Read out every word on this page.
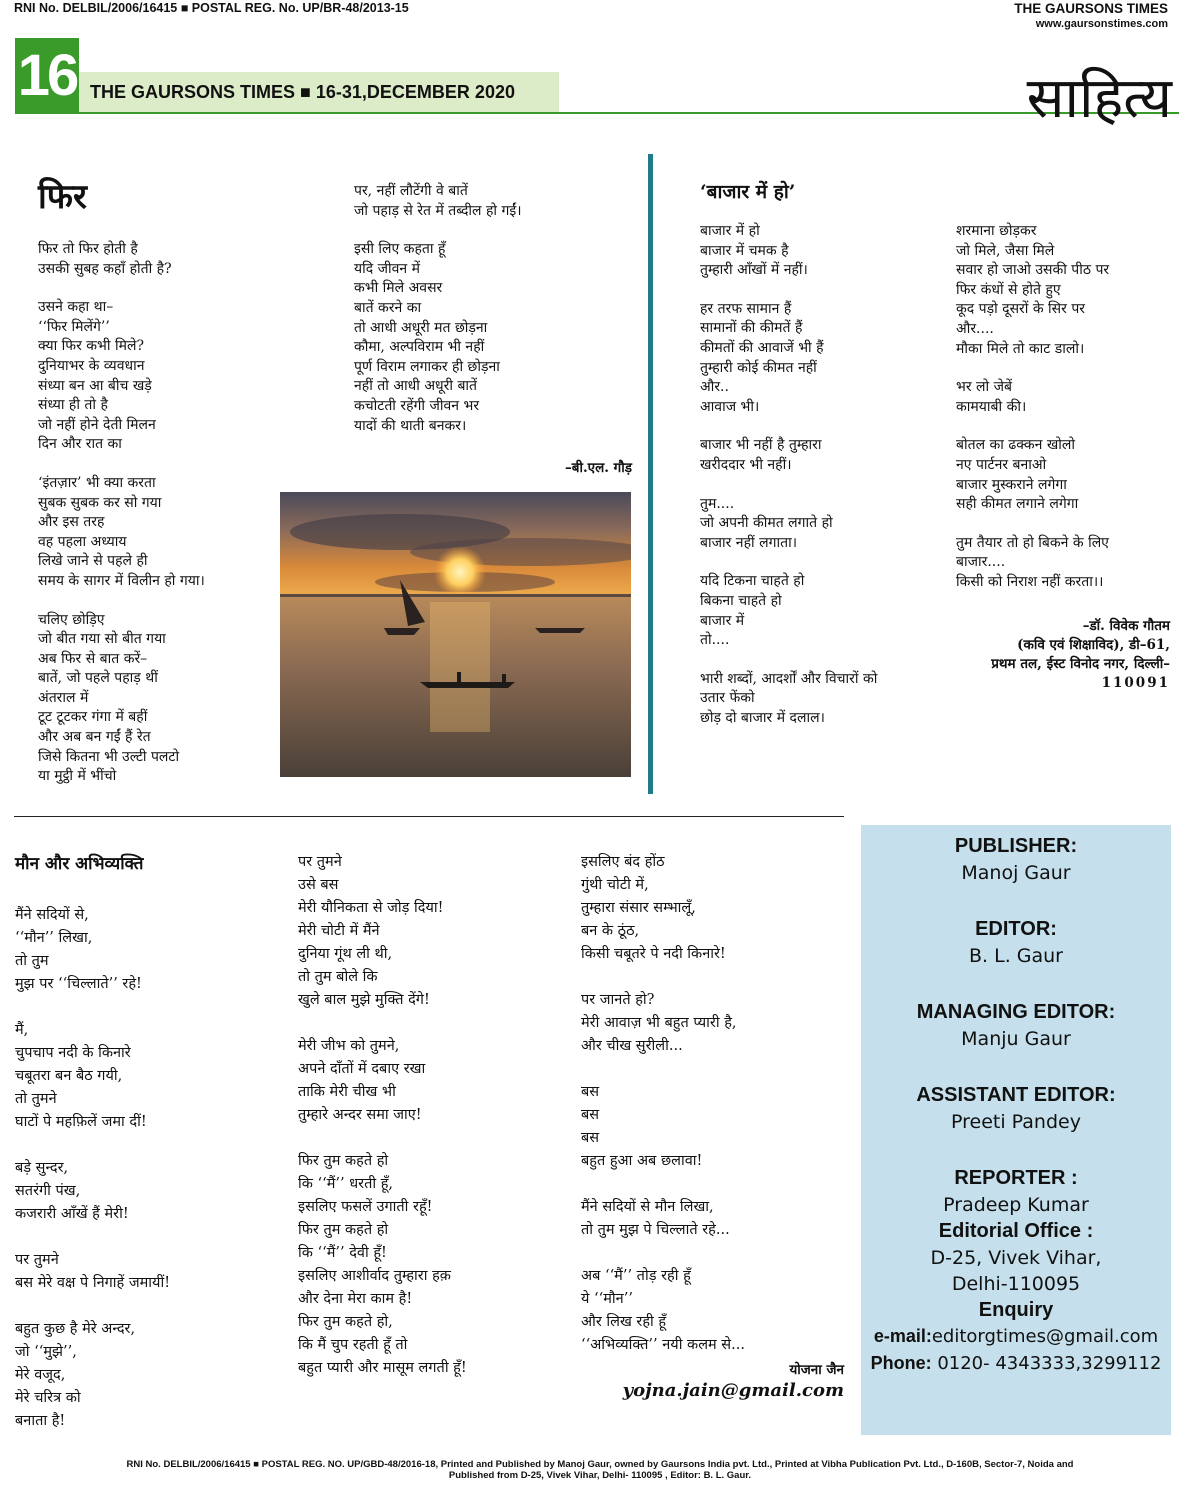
RNI No. DELBIL/2006/16415 ■ POSTAL REG. No. UP/BR-48/2013-15	THE GAURSONS TIMES
www.gaursonstimes.com
16 THE GAURSONS TIMES ■ 16-31,DECEMBER 2020	साहित्य
फिर
फिर तो फिर होती है
उसकी सुबह कहाँ होती है?
उसने कहा था–
‘‘फिर मिलेंगे’’
क्या फिर कभी मिले?
दुनियाभर के व्यवधान
संध्या बन आ बीच खड़े
संध्या ही तो है
जो नहीं होने देती मिलन
दिन और रात का
‘इंतज़ार’ भी क्या करता
सुबक सुबक कर सो गया
और इस तरह
वह पहला अध्याय
लिखे जाने से पहले ही
समय के सागर में विलीन हो गया।
चलिए छोड़िए
जो बीत गया सो बीत गया
अब फिर से बात करें–
बातें, जो पहले पहाड़ थीं
अंतराल में
टूट टूटकर गंगा में बहीं
और अब बन गईं हैं रेत
जिसे कितना भी उल्टी पलटो
या मुट्ठी में भींचो
पर, नहीं लौटेंगी वे बातें
जो पहाड़ से रेत में तब्दील हो गईं।
इसी लिए कहता हूँ
यदि जीवन में
कभी मिले अवसर
बातें करने का
तो आधी अधूरी मत छोड़ना
कौमा, अल्पविराम भी नहीं
पूर्ण विराम लगाकर ही छोड़ना
नहीं तो आधी अधूरी बातें
कचोटती रहेंगी जीवन भर
यादों की थाती बनकर।
–बी.एल. गौड़
‘बाजार में हो’
बाजार में हो
बाजार में चमक है
तुम्हारी आँखों में नहीं।
हर तरफ सामान हैं
सामानों की कीमतें हैं
कीमतों की आवाजें भी हैं
तुम्हारी कोई कीमत नहीं
और..
आवाज भी।
बाजार भी नहीं है तुम्हारा
खरीददार भी नहीं।
तुम....
जो अपनी कीमत लगाते हो
बाजार नहीं लगाता।
यदि टिकना चाहते हो
बिकना चाहते हो
बाजार में
तो....
भारी शब्दों, आदर्शों और विचारों को
उतार फेंको
छोड़ दो बाजार में दलाल।
शरमाना छोड़कर
जो मिले, जैसा मिले
सवार हो जाओ उसकी पीठ पर
फिर कंधों से होते हुए
कूद पड़ो दूसरों के सिर पर
और....
मौका मिले तो काट डालो।
भर लो जेबें
कामयाबी की।
बोतल का ढक्कन खोलो
नए पार्टनर बनाओ
बाजार मुस्कराने लगेगा
सही कीमत लगाने लगेगा
तुम तैयार तो हो बिकने के लिए
बाजार....
किसी को निराश नहीं करता।।
–डॉ. विवेक गौतम
(कवि एवं शिक्षाविद), डी–61,
प्रथम तल, ईस्ट विनोद नगर, दिल्ली–
110091
मौन और अभिव्यक्ति
मैंने सदियों से,
‘‘मौन’’ लिखा,
तो तुम
मुझ पर ‘‘चिल्लाते’’ रहे!
मैं,
चुपचाप नदी के किनारे
चबूतरा बन बैठ गयी,
तो तुमने
घाटों पे महफ़िलें जमा दीं!
बड़े सुन्दर,
सतरंगी पंख,
कजरारी आँखें हैं मेरी!
पर तुमने
बस मेरे वक्ष पे निगाहें जमायीं!
बहुत कुछ है मेरे अन्दर,
जो ‘‘मुझे’’,
मेरे वजूद,
मेरे चरित्र को
बनाता है!
पर तुमने
उसे बस
मेरी यौनिकता से जोड़ दिया!
मेरी चोटी में मैंने
दुनिया गूंथ ली थी,
तो तुम बोले कि
खुले बाल मुझे मुक्ति देंगे!
मेरी जीभ को तुमने,
अपने दाँतों में दबाए रखा
ताकि मेरी चीख भी
तुम्हारे अन्दर समा जाए!
फिर तुम कहते हो
कि ‘‘मैं’’ धरती हूँ,
इसलिए फसलें उगाती रहूँ!
फिर तुम कहते हो
कि ‘‘मैं’’ देवी हूँ!
इसलिए आशीर्वाद तुम्हारा हक़
और देना मेरा काम है!
फिर तुम कहते हो,
कि मैं चुप रहती हूँ तो
बहुत प्यारी और मासूम लगती हूँ!
इसलिए बंद होंठ
गुंथी चोटी में,
तुम्हारा संसार सम्भालूँ,
बन के ठूंठ,
किसी चबूतरे पे नदी किनारे!
पर जानते हो?
मेरी आवाज़ भी बहुत प्यारी है,
और चीख सुरीली...
बस
बस
बस
बहुत हुआ अब छलावा!
मैंने सदियों से मौन लिखा,
तो तुम मुझ पे चिल्लाते रहे...
अब ‘‘मैं’’ तोड़ रही हूँ
ये ‘‘मौन’’
और लिख रही हूँ
‘‘अभिव्यक्ति’’ नयी कलम से...
योजना जैन
yojna.jain@gmail.com
PUBLISHER:
Manoj Gaur
EDITOR:
B. L. Gaur
MANAGING EDITOR:
Manju Gaur
ASSISTANT EDITOR:
Preeti Pandey
REPORTER :
Pradeep Kumar
Editorial Office :
D-25, Vivek Vihar,
Delhi-110095
Enquiry
e-mail:editorgtimes@gmail.com
Phone: 0120- 4343333,3299112
RNI No. DELBIL/2006/16415 ■ POSTAL REG. NO. UP/GBD-48/2016-18, Printed and Published by Manoj Gaur, owned by Gaursons India pvt. Ltd., Printed at Vibha Publication Pvt. Ltd., D-160B, Sector-7, Noida and
Published from D-25, Vivek Vihar, Delhi- 110095 , Editor: B. L. Gaur.
